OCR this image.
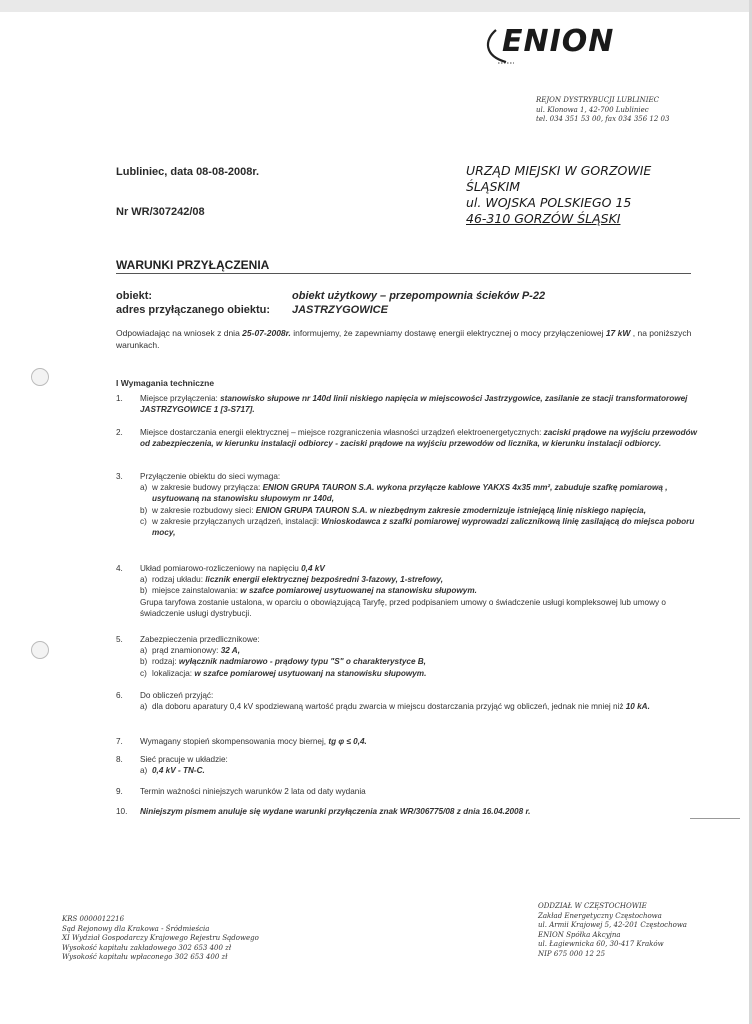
ENION
REJON DYSTRYBUCJI LUBLINIEC
ul. Klonowa 1, 42-700 Lubliniec
tel. 034 351 53 00, fax 034 356 12 03
Lubliniec, data 08-08-2008r.
Nr WR/307242/08
URZĄD MIEJSKI W GORZOWIE
ŚLĄSKIM
ul. WOJSKA POLSKIEGO 15
46-310 GORZÓW ŚLĄSKI
WARUNKI PRZYŁĄCZENIA
obiekt:	obiekt użytkowy – przepompownia ścieków P-22
adres przyłączanego obiektu:	JASTRZYGOWICE
Odpowiadając na wniosek z dnia 25-07-2008r. informujemy, że zapewniamy dostawę energii elektrycznej o mocy przyłączeniowej 17 kW , na poniższych warunkach.
I Wymagania techniczne
1.	Miejsce przyłączenia: stanowisko słupowe nr 140d linii niskiego napięcia w miejscowości Jastrzygowice, zasilanie ze stacji transformatorowej JASTRZYGOWICE 1 [3-S717].
2.	Miejsce dostarczania energii elektrycznej – miejsce rozgraniczenia własności urządzeń elektroenergetycznych: zaciski prądowe na wyjściu przewodów od zabezpieczenia, w kierunku instalacji odbiorcy - zaciski prądowe na wyjściu przewodów od licznika, w kierunku instalacji odbiorcy.
3.	Przyłączenie obiektu do sieci wymaga:
a) w zakresie budowy przyłącza: ENION GRUPA TAURON S.A. wykona przyłącze kablowe YAKXS 4x35 mm², zabuduje szafkę pomiarową , usytuowaną na stanowisku słupowym nr 140d,
b) w zakresie rozbudowy sieci: ENION GRUPA TAURON S.A. w niezbędnym zakresie zmodernizuje istniejącą linię niskiego napięcia,
c) w zakresie przyłączanych urządzeń, instalacji: Wnioskodawca z szafki pomiarowej wyprowadzi zalicznikową linię zasilającą do miejsca poboru mocy,
4.	Układ pomiarowo-rozliczeniowy na napięciu 0,4 kV
a) rodzaj układu: licznik energii elektrycznej bezpośredni 3-fazowy, 1-strefowy,
b) miejsce zainstalowania: w szafce pomiarowej usytuowanej na stanowisku słupowym.
Grupa taryfowa zostanie ustalona, w oparciu o obowiązującą Taryfę, przed podpisaniem umowy o świadczenie usługi kompleksowej lub umowy o świadczenie usługi dystrybucji.
5.	Zabezpieczenia przedlicznikowe:
a) prąd znamionowy: 32 A,
b) rodzaj: wyłącznik nadmiarowo - prądowy typu "S" o charakterystyce B,
c) lokalizacja: w szafce pomiarowej usytuowanj na stanowisku słupowym.
6.	Do obliczeń przyjąć:
a) dla doboru aparatury 0,4 kV spodziewaną wartość prądu zwarcia w miejscu dostarczania przyjąć wg obliczeń, jednak nie mniej niż 10 kA.
7.	Wymagany stopień skompensowania mocy biernej, tg φ ≤ 0,4.
8.	Sieć pracuje w układzie:
a) 0,4 kV - TN-C.
9.	Termin ważności niniejszych warunków 2 lata od daty wydania
10.	Niniejszym pismem anuluje się wydane warunki przyłączenia znak WR/306775/08 z dnia 16.04.2008 r.
KRS 0000012216
Sąd Rejonowy dla Krakowa - Śródmieścia
XI Wydział Gospodarczy Krajowego Rejestru Sądowego
Wysokość kapitału zakładowego 302 653 400 zł
Wysokość kapitału wpłaconego 302 653 400 zł
ODDZIAŁ W CZĘSTOCHOWIE
Zakład Energetyczny Częstochowa
ul. Armii Krajowej 5, 42-201 Częstochowa
ENION Spółka Akcyjna
ul. Łagiewnicka 60, 30-417 Kraków
NIP 675 000 12 25
